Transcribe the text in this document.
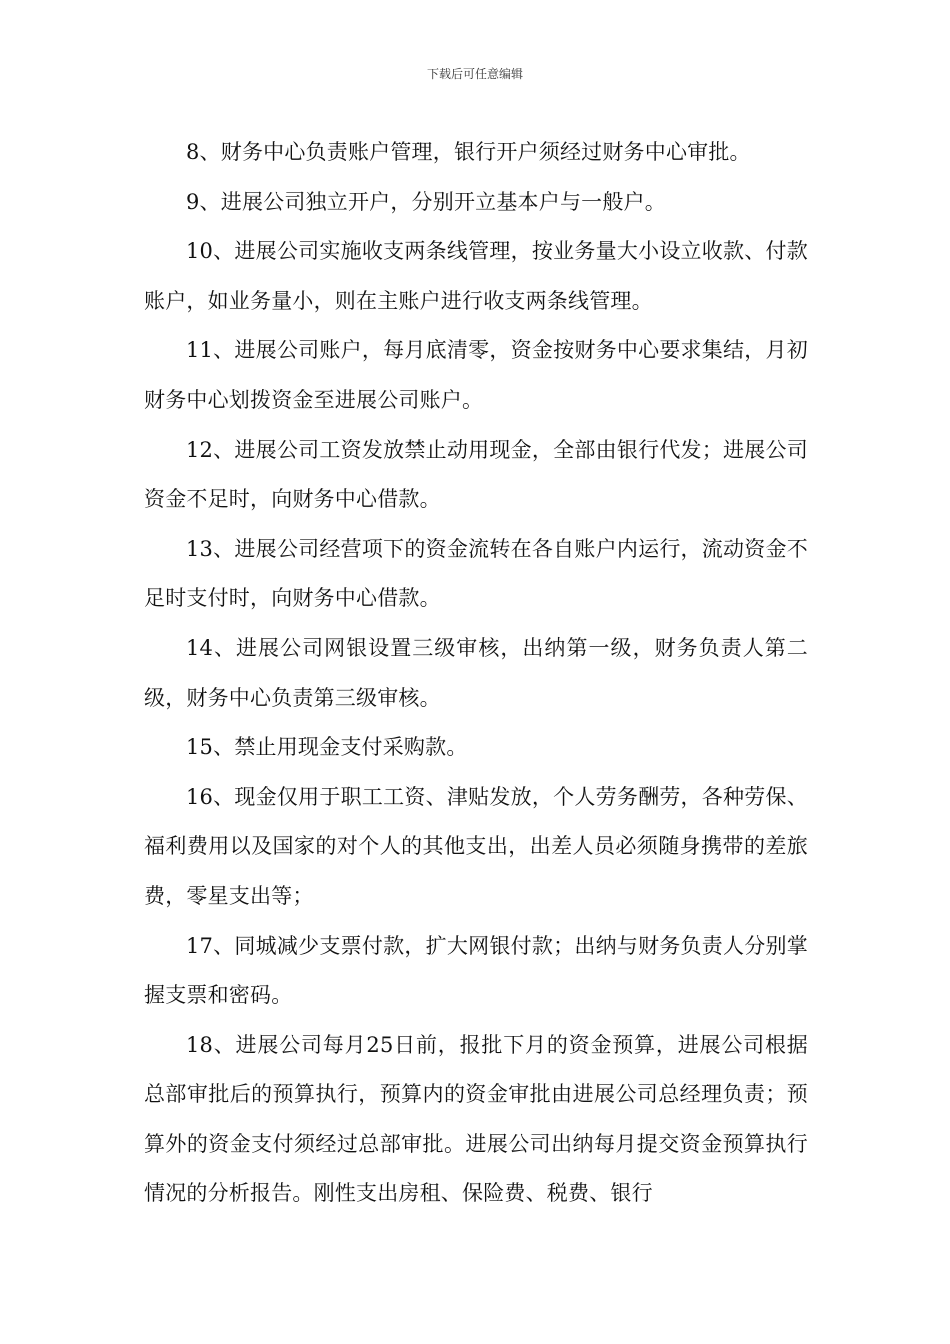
下载后可任意编辑

8、财务中心负责账户管理，银行开户须经过财务中心审批。

9、进展公司独立开户，分别开立基本户与一般户。

10、进展公司实施收支两条线管理，按业务量大小设立收款、付款账户，如业务量小，则在主账户进行收支两条线管理。

11、进展公司账户，每月底清零，资金按财务中心要求集结，月初财务中心划拨资金至进展公司账户。

12、进展公司工资发放禁止动用现金，全部由银行代发；进展公司资金不足时，向财务中心借款。

13、进展公司经营项下的资金流转在各自账户内运行，流动资金不足时支付时，向财务中心借款。

14、进展公司网银设置三级审核，出纳第一级，财务负责人第二级，财务中心负责第三级审核。

15、禁止用现金支付采购款。

16、现金仅用于职工工资、津贴发放，个人劳务酬劳，各种劳保、福利费用以及国家的对个人的其他支出，出差人员必须随身携带的差旅费，零星支出等；

17、同城减少支票付款，扩大网银付款；出纳与财务负责人分别掌握支票和密码。

18、进展公司每月25日前，报批下月的资金预算，进展公司根据总部审批后的预算执行，预算内的资金审批由进展公司总经理负责；预算外的资金支付须经过总部审批。进展公司出纳每月提交资金预算执行情况的分析报告。刚性支出房租、保险费、税费、银行
